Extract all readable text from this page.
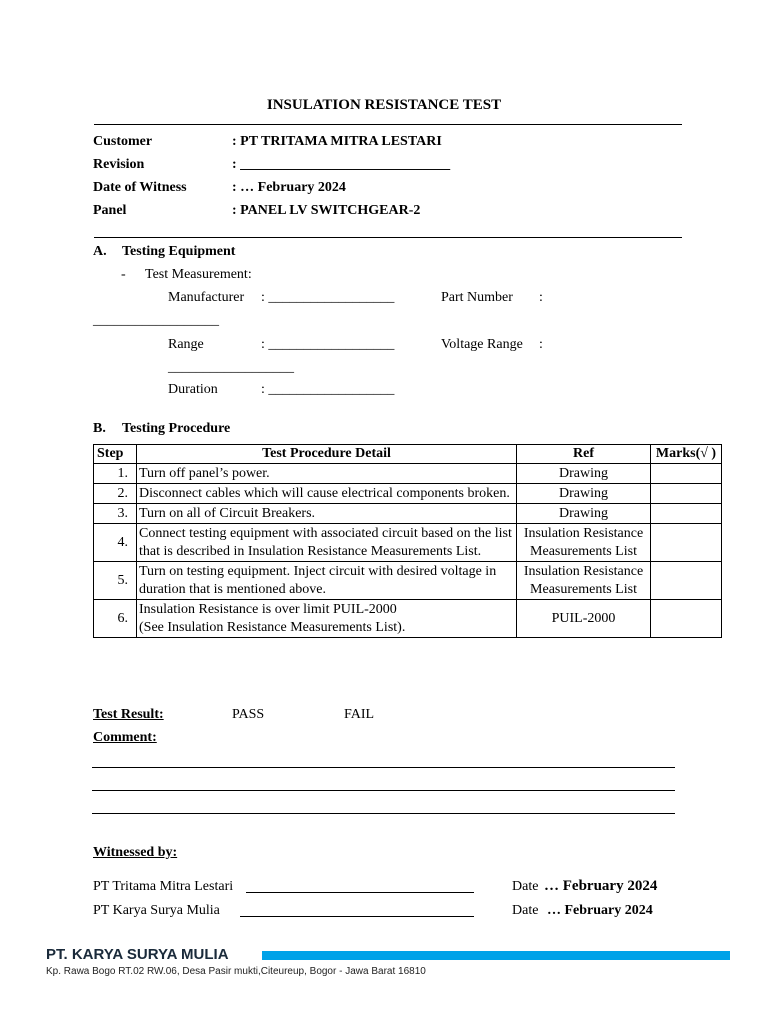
INSULATION RESISTANCE TEST
Customer	: PT TRITAMA MITRA LESTARI
Revision	: ______________________________
Date of Witness	: … February 2024
Panel	: PANEL LV SWITCHGEAR-2
A. Testing Equipment
- Test Measurement:
Manufacturer : __________________	Part Number :
__________________
Range	: __________________	Voltage Range :
__________________
Duration	: __________________
B. Testing Procedure
Step	Test Procedure Detail	Ref	Marks(√ )
1.	Turn off panel’s power.	Drawing	
2.	Disconnect cables which will cause electrical components broken.	Drawing	
3.	Turn on all of Circuit Breakers.	Drawing	
4.	Connect testing equipment with associated circuit based on the list
that is described in Insulation Resistance Measurements List.	Insulation Resistance
Measurements List	
5.	Turn on testing equipment. Inject circuit with desired voltage in
duration that is mentioned above.	Insulation Resistance
Measurements List	
6.	Insulation Resistance is over limit PUIL-2000
(See Insulation Resistance Measurements List).	PUIL-2000	
Test Result:	PASS	FAIL
Comment:
Witnessed by:
PT Tritama Mitra Lestari	Date … February 2024
PT Karya Surya Mulia	Date … February 2024
PT. KARYA SURYA MULIA
Kp. Rawa Bogo RT.02 RW.06, Desa Pasir mukti,Citeureup, Bogor - Jawa Barat 16810
